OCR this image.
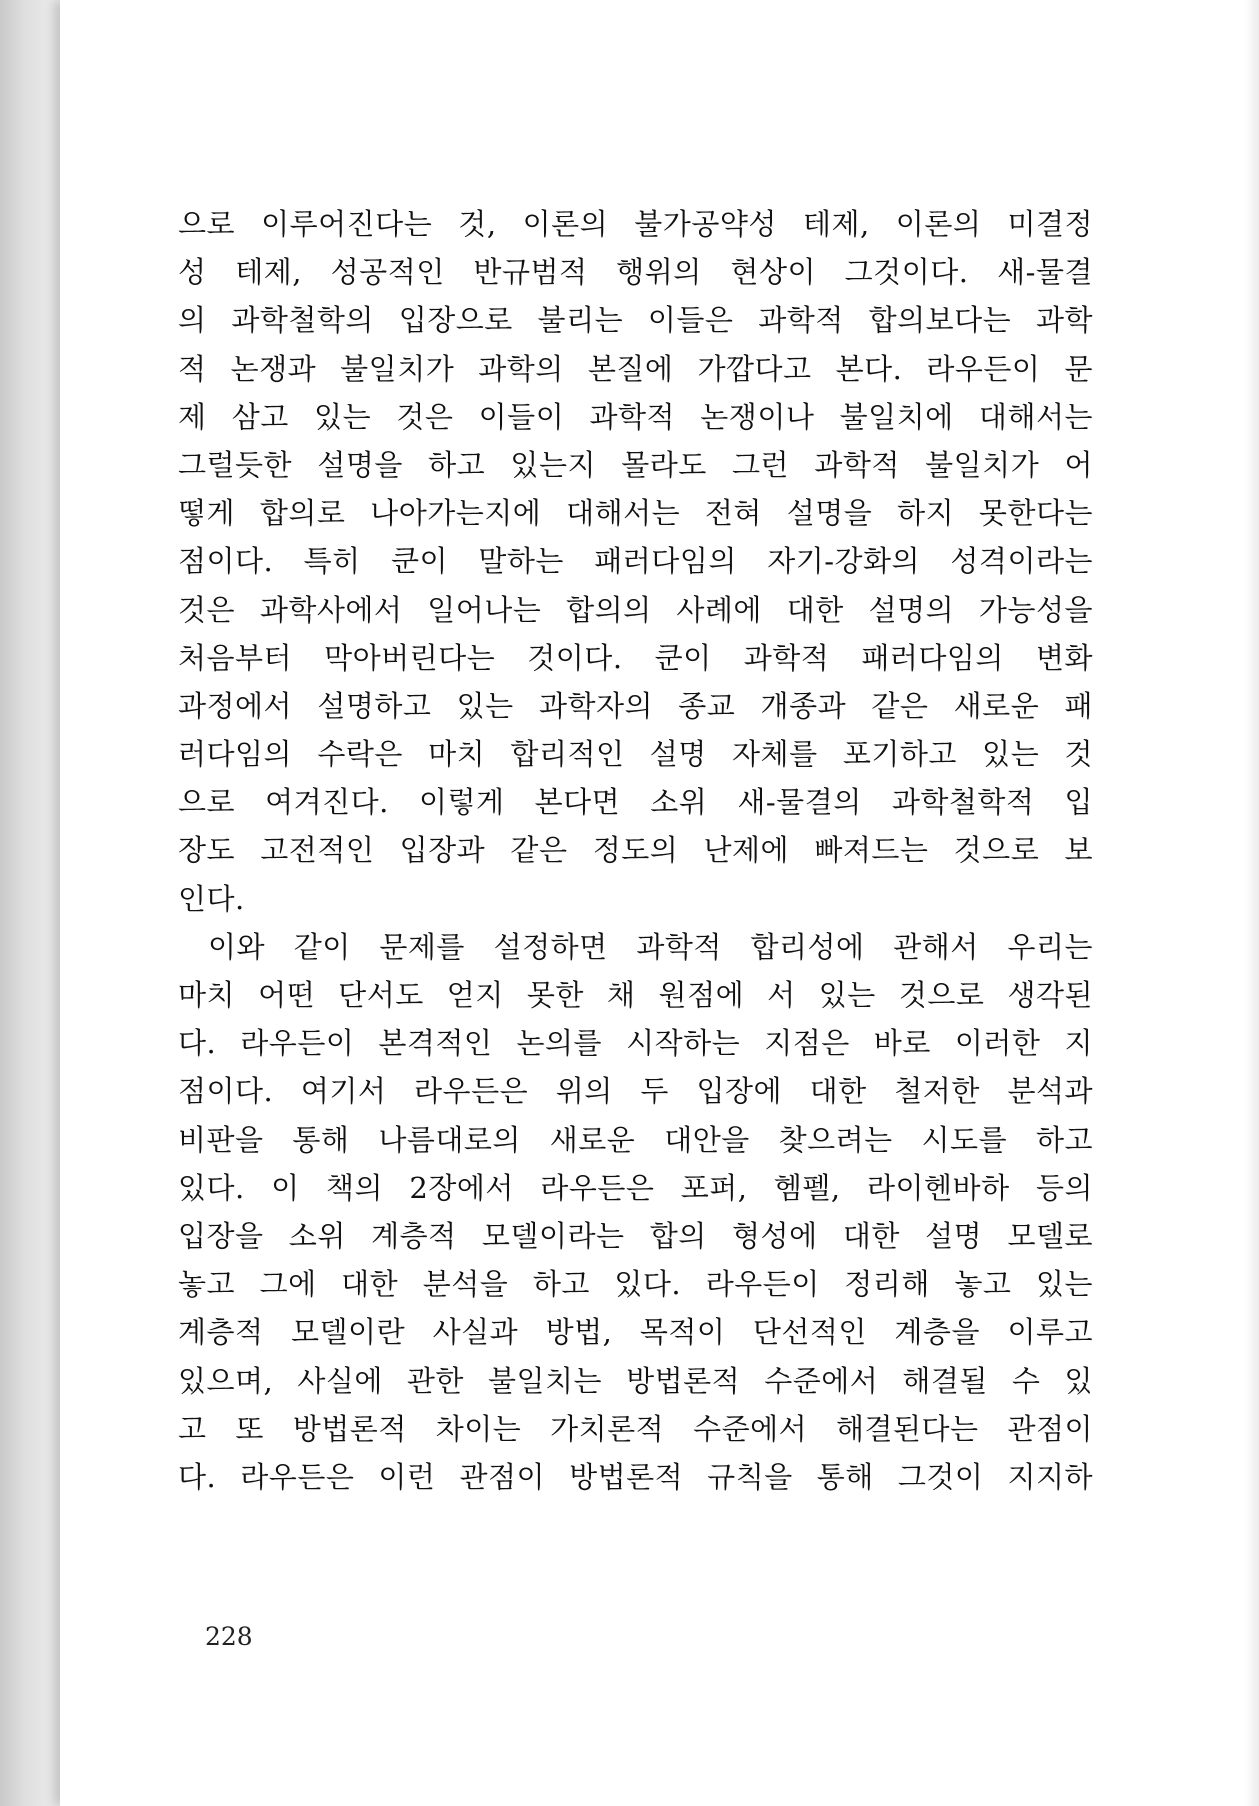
으로 이루어진다는 것, 이론의 불가공약성 테제, 이론의 미결정
성 테제, 성공적인 반규범적 행위의 현상이 그것이다. 새-물결
의 과학철학의 입장으로 불리는 이들은 과학적 합의보다는 과학
적 논쟁과 불일치가 과학의 본질에 가깝다고 본다. 라우든이 문
제 삼고 있는 것은 이들이 과학적 논쟁이나 불일치에 대해서는
그럴듯한 설명을 하고 있는지 몰라도 그런 과학적 불일치가 어
떻게 합의로 나아가는지에 대해서는 전혀 설명을 하지 못한다는
점이다. 특히 쿤이 말하는 패러다임의 자기-강화의 성격이라는
것은 과학사에서 일어나는 합의의 사례에 대한 설명의 가능성을
처음부터 막아버린다는 것이다. 쿤이 과학적 패러다임의 변화
과정에서 설명하고 있는 과학자의 종교 개종과 같은 새로운 패
러다임의 수락은 마치 합리적인 설명 자체를 포기하고 있는 것
으로 여겨진다. 이렇게 본다면 소위 새-물결의 과학철학적 입
장도 고전적인 입장과 같은 정도의 난제에 빠져드는 것으로 보
인다.
이와 같이 문제를 설정하면 과학적 합리성에 관해서 우리는
마치 어떤 단서도 얻지 못한 채 원점에 서 있는 것으로 생각된
다. 라우든이 본격적인 논의를 시작하는 지점은 바로 이러한 지
점이다. 여기서 라우든은 위의 두 입장에 대한 철저한 분석과
비판을 통해 나름대로의 새로운 대안을 찾으려는 시도를 하고
있다. 이 책의 2장에서 라우든은 포퍼, 헴펠, 라이헨바하 등의
입장을 소위 계층적 모델이라는 합의 형성에 대한 설명 모델로
놓고 그에 대한 분석을 하고 있다. 라우든이 정리해 놓고 있는
계층적 모델이란 사실과 방법, 목적이 단선적인 계층을 이루고
있으며, 사실에 관한 불일치는 방법론적 수준에서 해결될 수 있
고 또 방법론적 차이는 가치론적 수준에서 해결된다는 관점이
다. 라우든은 이런 관점이 방법론적 규칙을 통해 그것이 지지하
228
